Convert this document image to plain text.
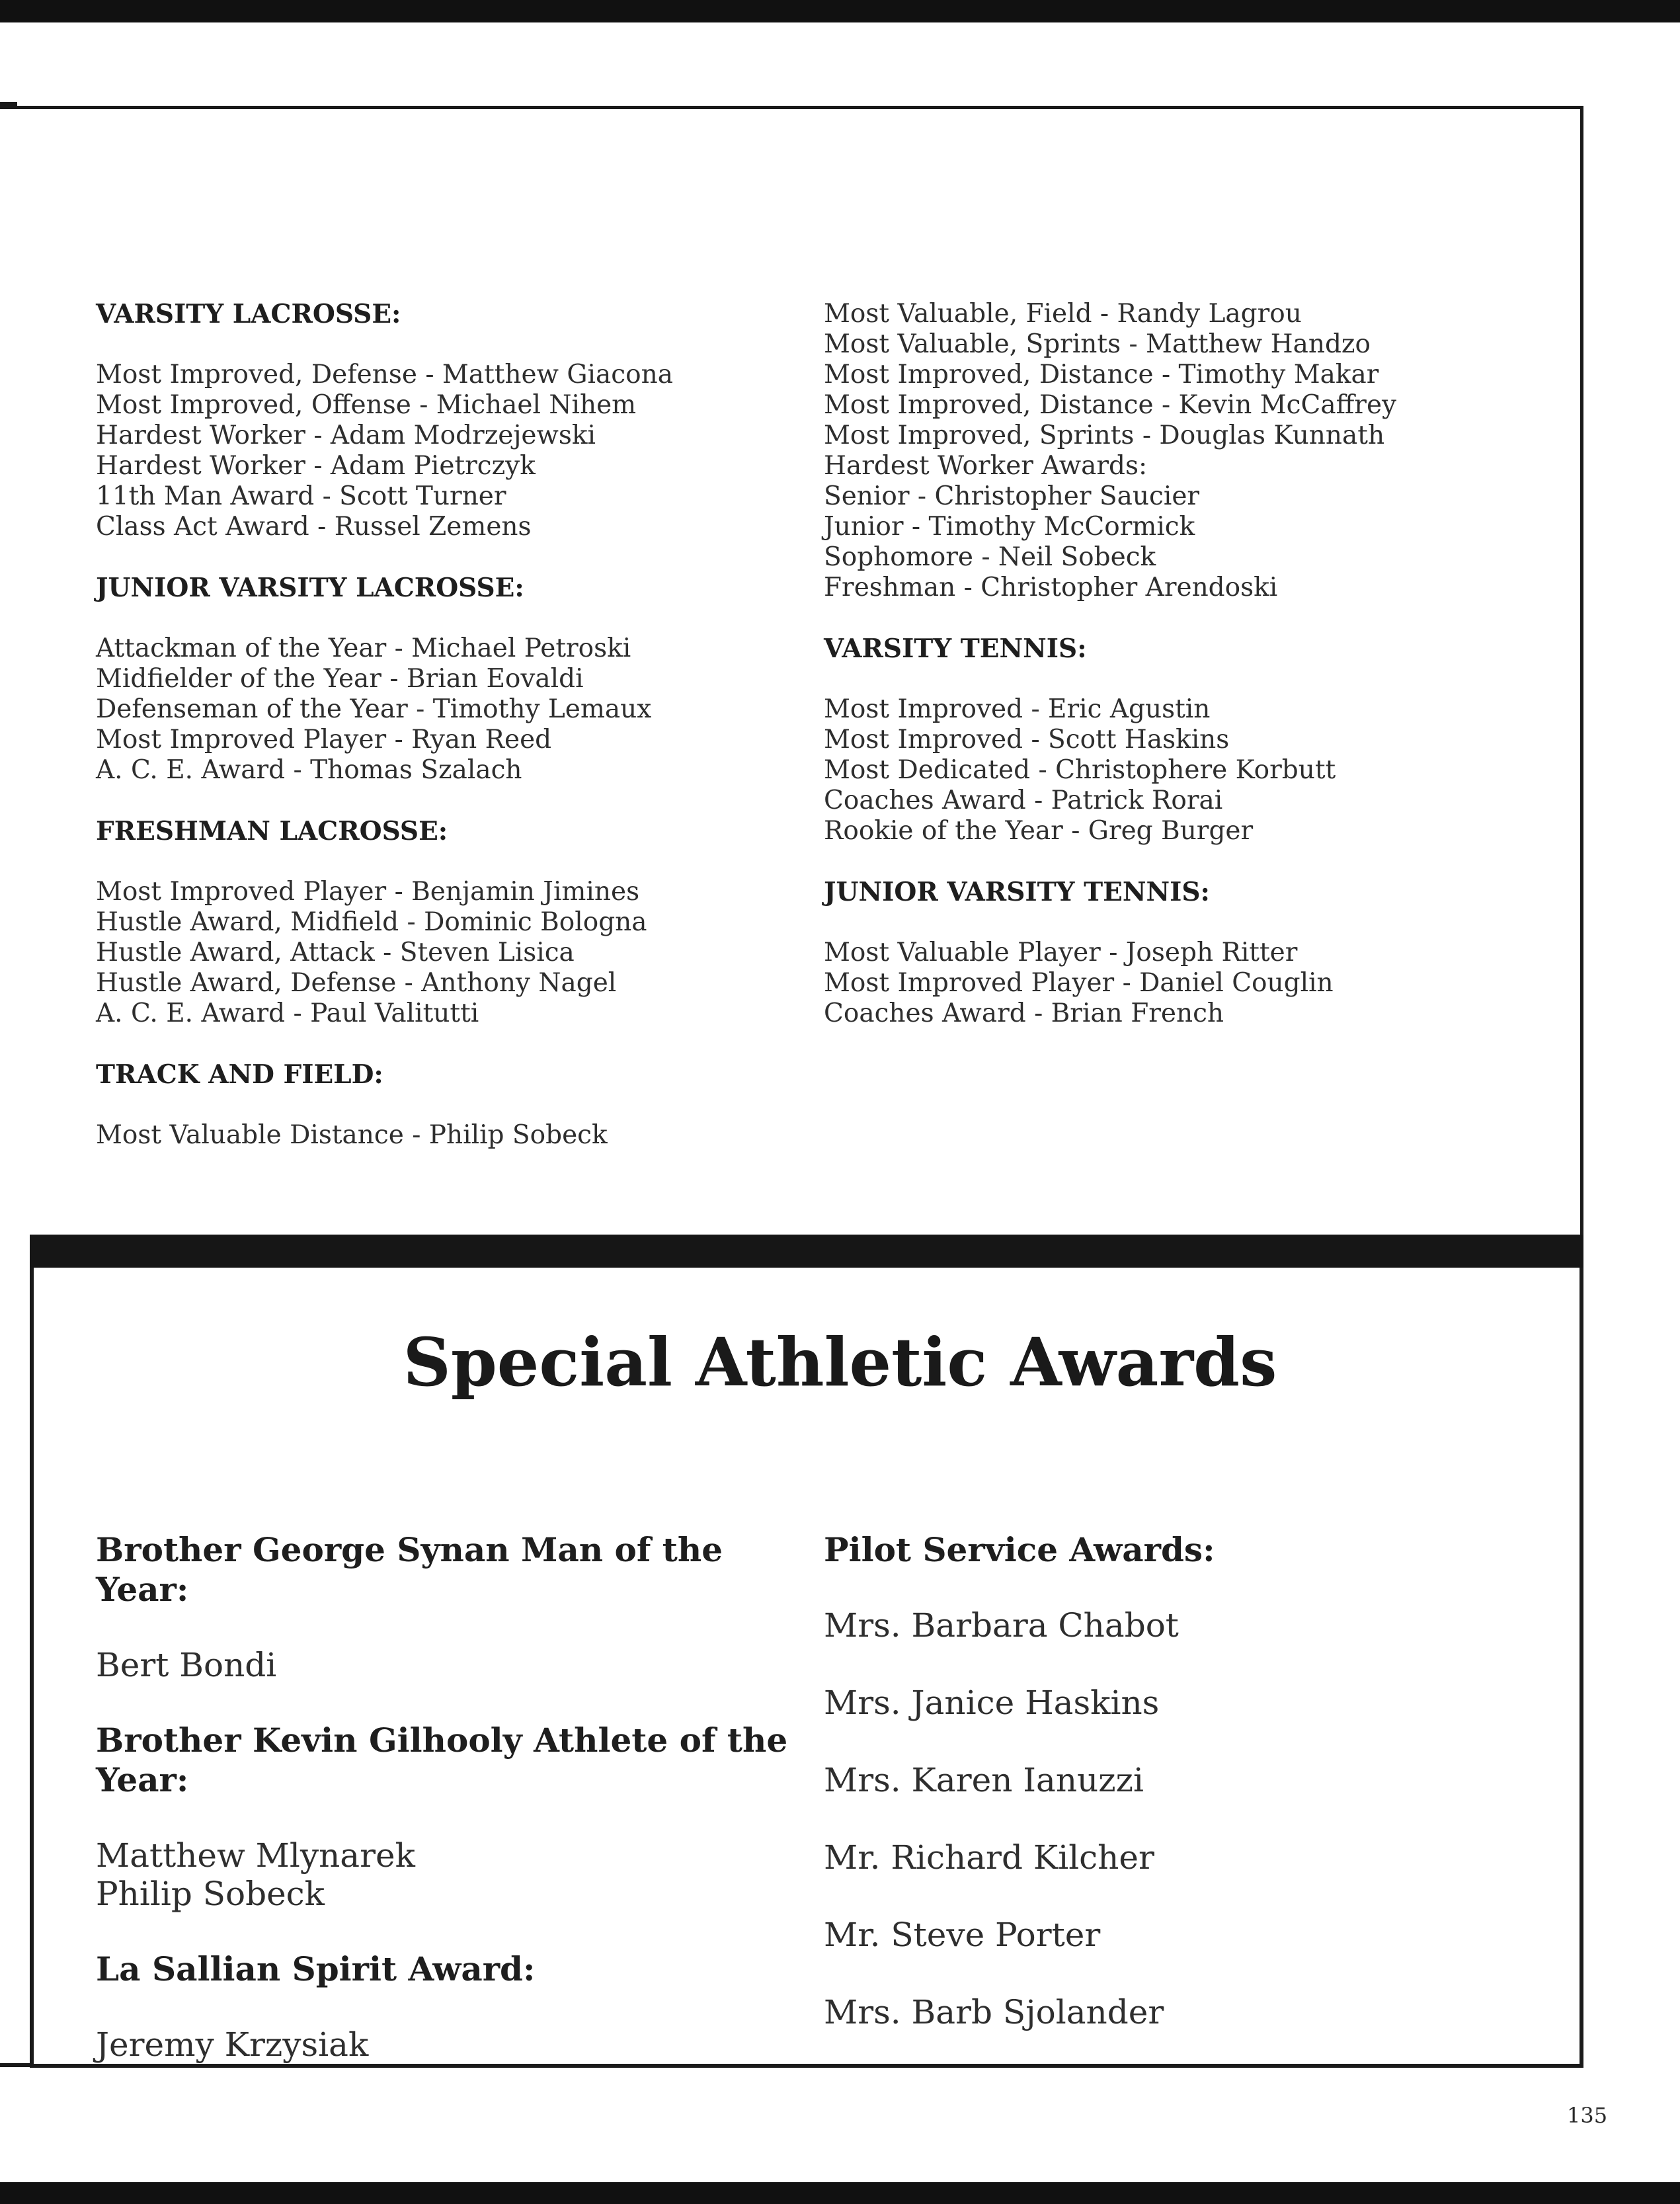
VARSITY LACROSSE:
Most Improved, Defense - Matthew Giacona
Most Improved, Offense - Michael Nihem
Hardest Worker - Adam Modrzejewski
Hardest Worker - Adam Pietrczyk
11th Man Award - Scott Turner
Class Act Award - Russel Zemens
JUNIOR VARSITY LACROSSE:
Attackman of the Year - Michael Petroski
Midfielder of the Year - Brian Eovaldi
Defenseman of the Year - Timothy Lemaux
Most Improved Player - Ryan Reed
A. C. E. Award - Thomas Szalach
FRESHMAN LACROSSE:
Most Improved Player - Benjamin Jimines
Hustle Award, Midfield - Dominic Bologna
Hustle Award, Attack - Steven Lisica
Hustle Award, Defense - Anthony Nagel
A. C. E. Award - Paul Valitutti
TRACK AND FIELD:
Most Valuable Distance - Philip Sobeck
Most Valuable, Field - Randy Lagrou
Most Valuable, Sprints - Matthew Handzo
Most Improved, Distance - Timothy Makar
Most Improved, Distance - Kevin McCaffrey
Most Improved, Sprints - Douglas Kunnath
Hardest Worker Awards:
Senior - Christopher Saucier
Junior - Timothy McCormick
Sophomore - Neil Sobeck
Freshman - Christopher Arendoski
VARSITY TENNIS:
Most Improved - Eric Agustin
Most Improved - Scott Haskins
Most Dedicated - Christophere Korbutt
Coaches Award - Patrick Rorai
Rookie of the Year - Greg Burger
JUNIOR VARSITY TENNIS:
Most Valuable Player - Joseph Ritter
Most Improved Player - Daniel Couglin
Coaches Award - Brian French
Special Athletic Awards
Brother George Synan Man of the Year:
Bert Bondi
Brother Kevin Gilhooly Athlete of the Year:
Matthew Mlynarek
Philip Sobeck
La Sallian Spirit Award:
Jeremy Krzysiak
Pilot Service Awards:
Mrs. Barbara Chabot
Mrs. Janice Haskins
Mrs. Karen Ianuzzi
Mr. Richard Kilcher
Mr. Steve Porter
Mrs. Barb Sjolander
135
